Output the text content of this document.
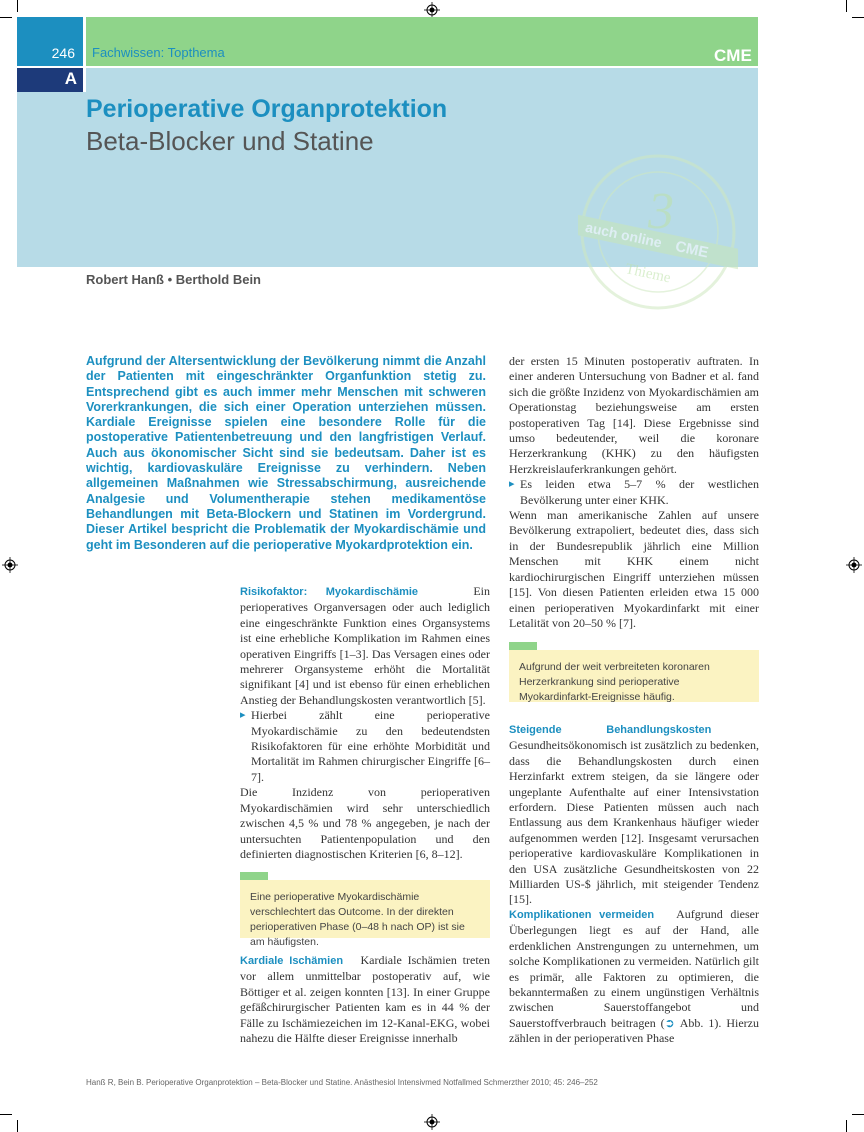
246	Fachwissen: Topthema	CME
A
Perioperative Organprotektion
Beta-Blocker und Statine
3
auch online CME
Thieme
Robert Hanß • Berthold Bein
Aufgrund der Altersentwicklung der Bevölkerung nimmt die Anzahl der Patienten mit eingeschränkter Organfunktion stetig zu. Entsprechend gibt es auch immer mehr Menschen mit schweren Vorerkrankungen, die sich einer Operation unterziehen müssen. Kardiale Ereignisse spielen eine besondere Rolle für die postoperative Patientenbetreuung und den langfristigen Verlauf. Auch aus ökonomischer Sicht sind sie bedeutsam. Daher ist es wichtig, kardiovaskuläre Ereignisse zu verhindern. Neben allgemeinen Maßnahmen wie Stressabschirmung, ausreichende Analgesie und Volumentherapie stehen medikamentöse Behandlungen mit Beta-Blockern und Statinen im Vordergrund. Dieser Artikel bespricht die Problematik der Myokardischämie und geht im Besonderen auf die perioperative Myokardprotektion ein.

Risikofaktor: Myokardischämie	Ein perioperatives Organversagen oder auch lediglich eine eingeschränkte Funktion eines Organsystems ist eine erhebliche Komplikation im Rahmen eines operativen Eingriffs [1–3]. Das Versagen eines oder mehrerer Organsysteme erhöht die Mortalität signifikant [4] und ist ebenso für einen erheblichen Anstieg der Behandlungskosten verantwortlich [5].

▸ Hierbei zählt eine perioperative Myokardischämie zu den bedeutendsten Risikofaktoren für eine erhöhte Morbidität und Mortalität im Rahmen chirurgischer Eingriffe [6–7].

Die Inzidenz von perioperativen Myokardischämien wird sehr unterschiedlich zwischen 4,5 % und 78 % angegeben, je nach der untersuchten Patientenpopulation und den definierten diagnostischen Kriterien [6, 8–12].

Eine perioperative Myokardischämie verschlechtert das Outcome. In der direkten perioperativen Phase (0–48 h nach OP) ist sie am häufigsten.

Kardiale Ischämien Kardiale Ischämien treten vor allem unmittelbar postoperativ auf, wie Böttiger et al. zeigen konnten [13]. In einer Gruppe gefäßchirurgischer Patienten kam es in 44 % der Fälle zu Ischämiezeichen im 12-Kanal-EKG, wobei nahezu die Hälfte dieser Ereignisse innerhalb

der ersten 15 Minuten postoperativ auftraten. In einer anderen Untersuchung von Badner et al. fand sich die größte Inzidenz von Myokardischämien am Operationstag beziehungsweise am ersten postoperativen Tag [14]. Diese Ergebnisse sind umso bedeutender, weil die koronare Herzerkrankung (KHK) zu den häufigsten Herzkreislauferkrankungen gehört.

▸ Es leiden etwa 5–7 % der westlichen Bevölkerung unter einer KHK.

Wenn man amerikanische Zahlen auf unsere Bevölkerung extrapoliert, bedeutet dies, dass sich in der Bundesrepublik jährlich eine Million Menschen mit KHK einem nicht kardiochirurgischen Eingriff unterziehen müssen [15]. Von diesen Patienten erleiden etwa 15 000 einen perioperativen Myokardinfarkt mit einer Letalität von 20–50 % [7].

Aufgrund der weit verbreiteten koronaren Herzerkrankung sind perioperative Myokardinfarkt-Ereignisse häufig.

Steigende Behandlungskosten   Gesundheitsökonomisch ist zusätzlich zu bedenken, dass die Behandlungskosten durch einen Herzinfarkt extrem steigen, da sie längere oder ungeplante Aufenthalte auf einer Intensivstation erfordern. Diese Patienten müssen auch nach Entlassung aus dem Krankenhaus häufiger wieder aufgenommen werden [12]. Insgesamt verursachen perioperative kardiovaskuläre Komplikationen in den USA zusätzliche Gesundheitskosten von 22 Milliarden US-$ jährlich, mit steigender Tendenz [15].

Komplikationen vermeiden Aufgrund dieser Überlegungen liegt es auf der Hand, alle erdenklichen Anstrengungen zu unternehmen, um solche Komplikationen zu vermeiden. Natürlich gilt es primär, alle Faktoren zu optimieren, die bekanntermaßen zu einem ungünstigen Verhältnis zwischen Sauerstoffangebot und Sauerstoffverbrauch beitragen (➲ Abb. 1). Hierzu zählen in der perioperativen Phase

Hanß R, Bein B. Perioperative Organprotektion – Beta-Blocker und Statine. Anästhesiol Intensivmed Notfallmed Schmerzther 2010; 45: 246–252
